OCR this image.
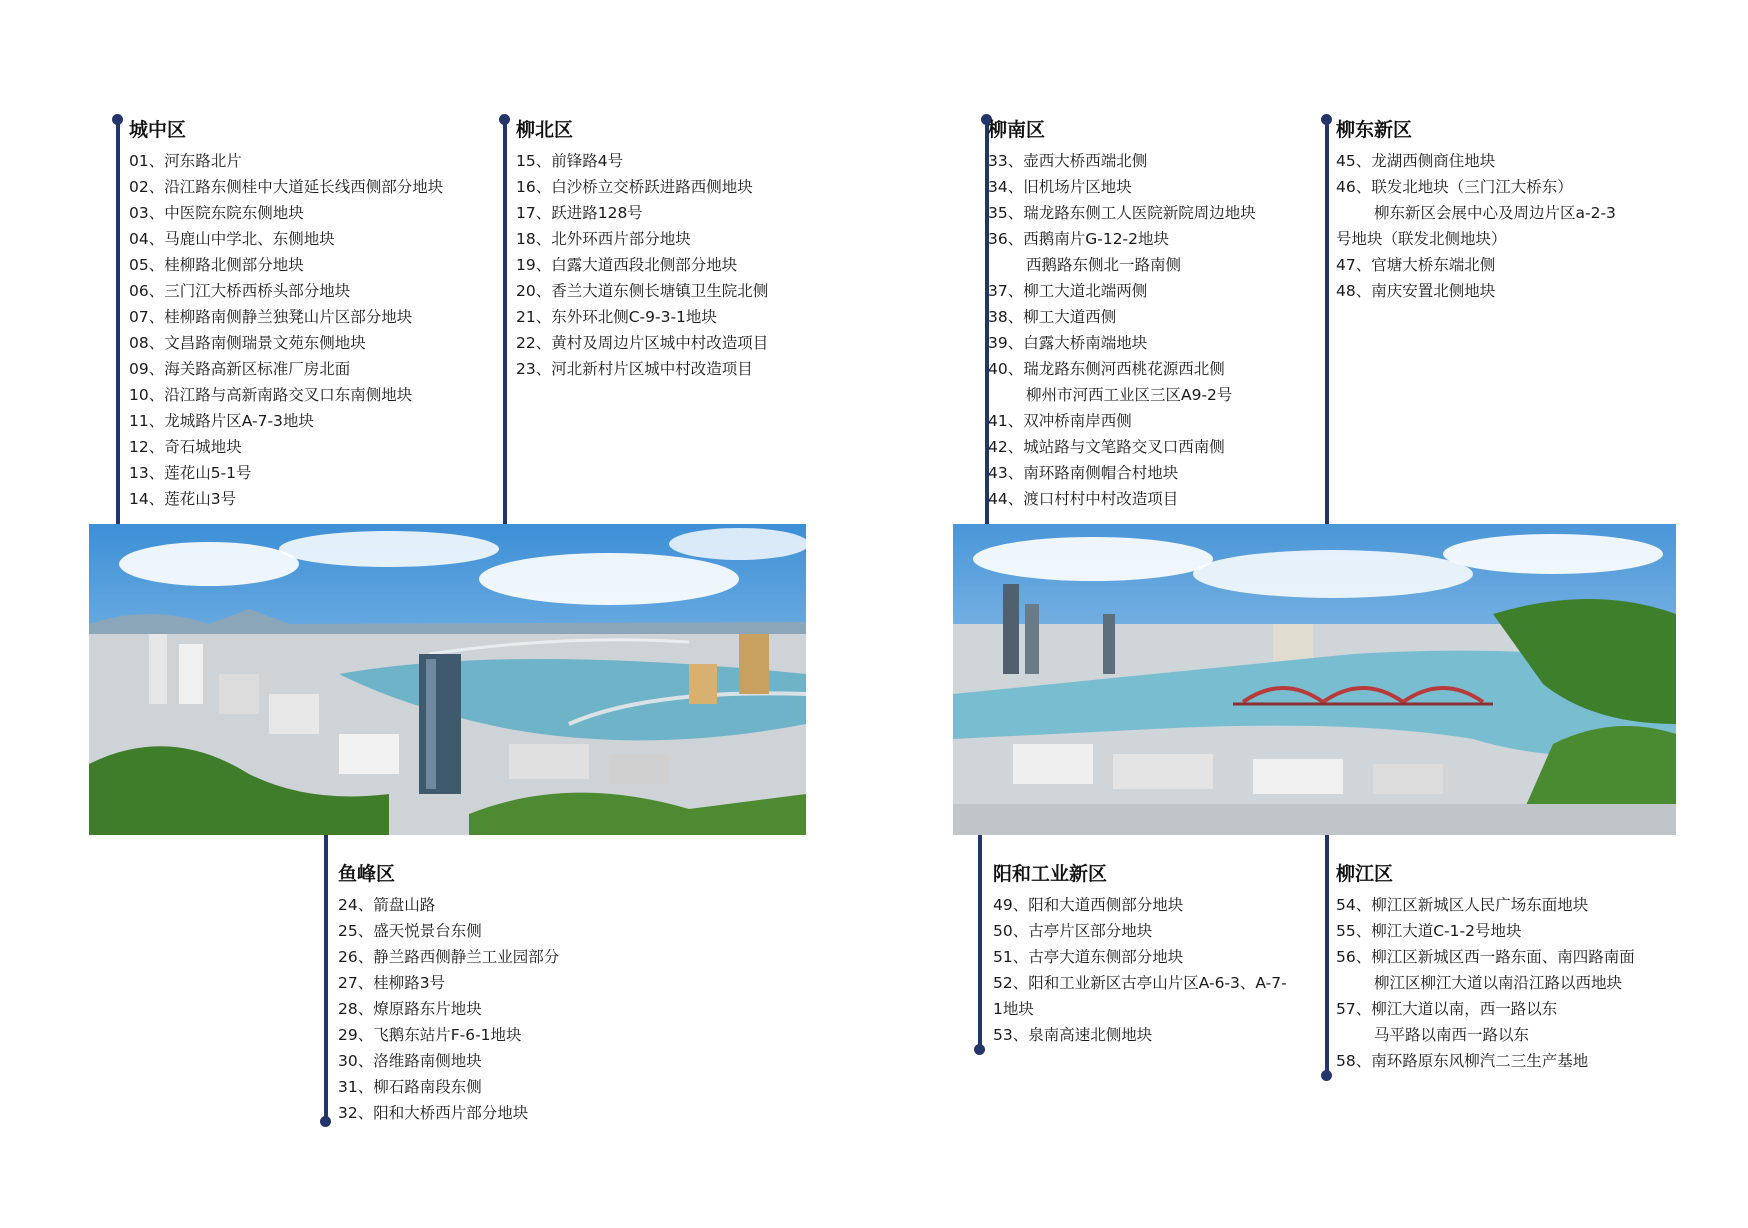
城中区
01、河东路北片
02、沿江路东侧桂中大道延长线西侧部分地块
03、中医院东院东侧地块
04、马鹿山中学北、东侧地块
05、桂柳路北侧部分地块
06、三门江大桥西桥头部分地块
07、桂柳路南侧静兰独凳山片区部分地块
08、文昌路南侧瑞景文苑东侧地块
09、海关路高新区标准厂房北面
10、沿江路与高新南路交叉口东南侧地块
11、龙城路片区A-7-3地块
12、奇石城地块
13、莲花山5-1号
14、莲花山3号
柳北区
15、前锋路4号
16、白沙桥立交桥跃进路西侧地块
17、跃进路128号
18、北外环西片部分地块
19、白露大道西段北侧部分地块
20、香兰大道东侧长塘镇卫生院北侧
21、东外环北侧C-9-3-1地块
22、黄村及周边片区城中村改造项目
23、河北新村片区城中村改造项目
柳南区
33、壶西大桥西端北侧
34、旧机场片区地块
35、瑞龙路东侧工人医院新院周边地块
36、西鹅南片G-12-2地块
西鹅路东侧北一路南侧
37、柳工大道北端两侧
38、柳工大道西侧
39、白露大桥南端地块
40、瑞龙路东侧河西桃花源西北侧
柳州市河西工业区三区A9-2号
41、双冲桥南岸西侧
42、城站路与文笔路交叉口西南侧
43、南环路南侧帽合村地块
44、渡口村村中村改造项目
柳东新区
45、龙湖西侧商住地块
46、联发北地块（三门江大桥东）
柳东新区会展中心及周边片区a-2-3
号地块（联发北侧地块）
47、官塘大桥东端北侧
48、南庆安置北侧地块
鱼峰区
24、箭盘山路
25、盛天悦景台东侧
26、静兰路西侧静兰工业园部分
27、桂柳路3号
28、燎原路东片地块
29、飞鹅东站片F-6-1地块
30、洛维路南侧地块
31、柳石路南段东侧
32、阳和大桥西片部分地块
阳和工业新区
49、阳和大道西侧部分地块
50、古亭片区部分地块
51、古亭大道东侧部分地块
52、阳和工业新区古亭山片区A-6-3、A-7-
1地块
53、泉南高速北侧地块
柳江区
54、柳江区新城区人民广场东面地块
55、柳江大道C-1-2号地块
56、柳江区新城区西一路东面、南四路南面
柳江区柳江大道以南沿江路以西地块
57、柳江大道以南，西一路以东
马平路以南西一路以东
58、南环路原东风柳汽二三生产基地
